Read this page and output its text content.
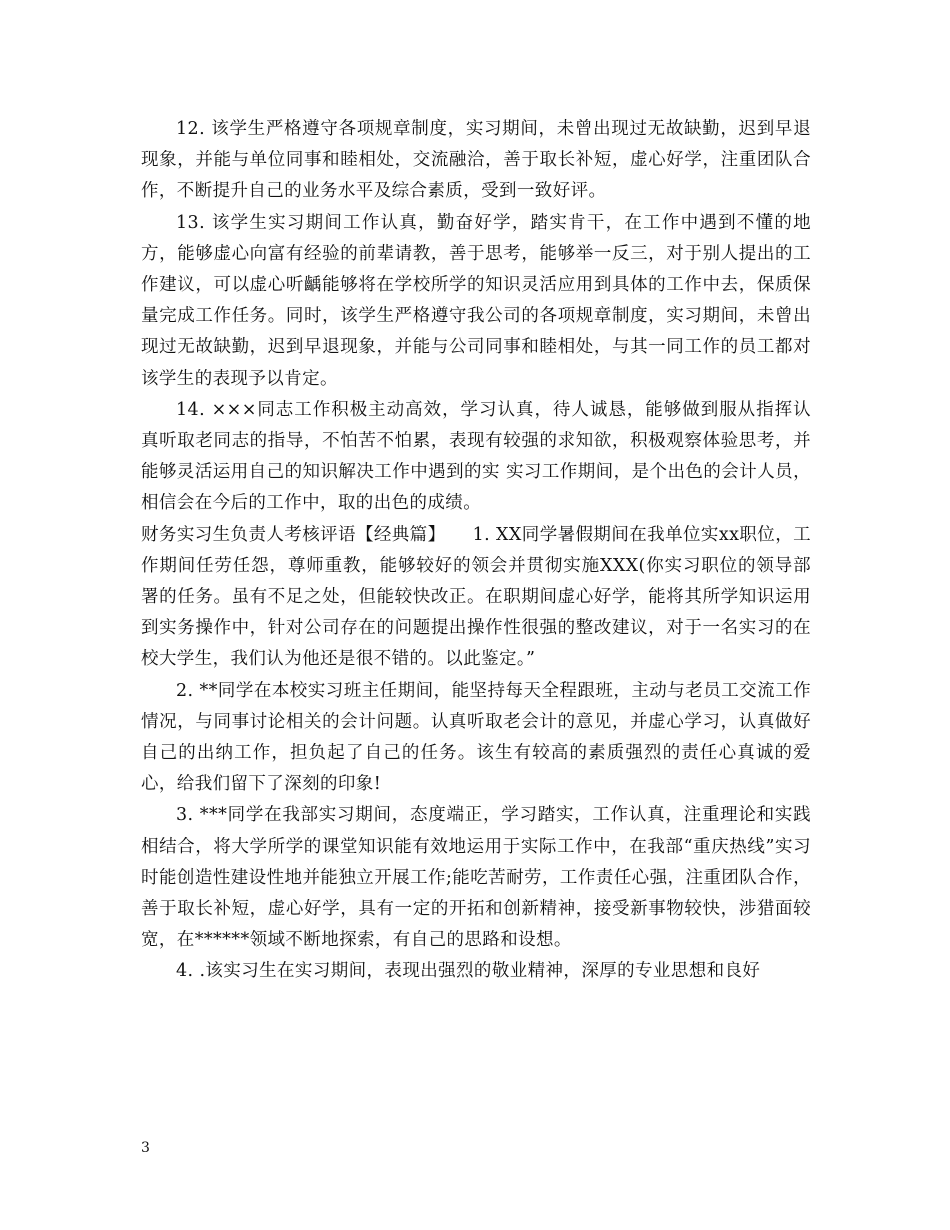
12. 该学生严格遵守各项规章制度，实习期间，未曾出现过无故缺勤，迟到早退现象，并能与单位同事和睦相处，交流融洽，善于取长补短，虚心好学，注重团队合作，不断提升自己的业务水平及综合素质，受到一致好评。

13. 该学生实习期间工作认真，勤奋好学，踏实肯干，在工作中遇到不懂的地方，能够虚心向富有经验的前辈请教，善于思考，能够举一反三，对于别人提出的工作建议，可以虚心听齲能够将在学校所学的知识灵活应用到具体的工作中去，保质保量完成工作任务。同时，该学生严格遵守我公司的各项规章制度，实习期间，未曾出现过无故缺勤，迟到早退现象，并能与公司同事和睦相处，与其一同工作的员工都对该学生的表现予以肯定。

14. ×××同志工作积极主动高效，学习认真，待人诚恳，能够做到服从指挥认真听取老同志的指导，不怕苦不怕累，表现有较强的求知欲，积极观察体验思考，并能够灵活运用自己的知识解决工作中遇到的实 实习工作期间，是个出色的会计人员，相信会在今后的工作中，取的出色的成绩。

财务实习生负责人考核评语【经典篇】　　1. XX同学暑假期间在我单位实xx职位，工作期间任劳任怨，尊师重教，能够较好的领会并贯彻实施XXX(你实习职位的领导部署的任务。虽有不足之处，但能较快改正。在职期间虚心好学，能将其所学知识运用到实务操作中，针对公司存在的问题提出操作性很强的整改建议，对于一名实习的在校大学生，我们认为他还是很不错的。以此鉴定。”

2. **同学在本校实习班主任期间，能坚持每天全程跟班，主动与老员工交流工作情况，与同事讨论相关的会计问题。认真听取老会计的意见，并虚心学习，认真做好自己的出纳工作，担负起了自己的任务。该生有较高的素质强烈的责任心真诚的爱心，给我们留下了深刻的印象!

3. ***同学在我部实习期间，态度端正，学习踏实，工作认真，注重理论和实践相结合，将大学所学的课堂知识能有效地运用于实际工作中，在我部“重庆热线”实习时能创造性建设性地并能独立开展工作;能吃苦耐劳，工作责任心强，注重团队合作，善于取长补短，虚心好学，具有一定的开拓和创新精神，接受新事物较快，涉猎面较宽，在******领域不断地探索，有自己的思路和设想。

4. .该实习生在实习期间，表现出强烈的敬业精神，深厚的专业思想和良好

3
